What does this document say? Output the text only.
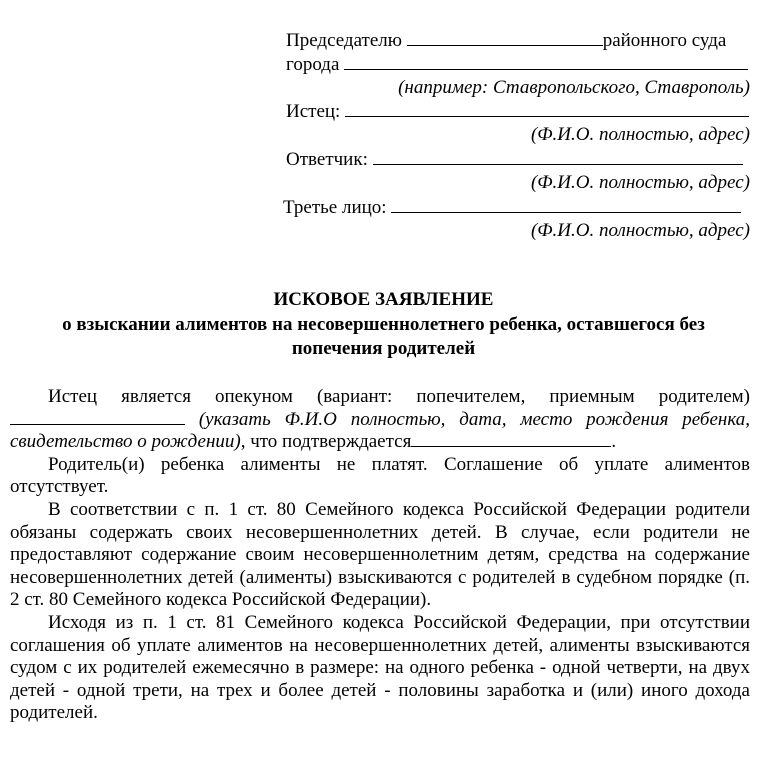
Председателю	районного суда
города
(например: Ставропольского, Ставрополь)
Истец:
(Ф.И.О. полностью, адрес)
Ответчик:
(Ф.И.О. полностью, адрес)
Третье лицо:
(Ф.И.О. полностью, адрес)
ИСКОВОЕ ЗАЯВЛЕНИЕ
о взыскании алиментов на несовершеннолетнего ребенка, оставшегося без
попечения родителей
Истец является опекуном (вариант: попечителем, приемным родителем)  (указать Ф.И.О полностью, дата, место рождения ребенка, свидетельство о рождении), что подтверждается	.
Родитель(и) ребенка алименты не платят. Соглашение об уплате алиментов отсутствует.
В соответствии с п. 1 ст. 80 Семейного кодекса Российской Федерации родители обязаны содержать своих несовершеннолетних детей. В случае, если родители не предоставляют содержание своим несовершеннолетним детям, средства на содержание несовершеннолетних детей (алименты) взыскиваются с родителей в судебном порядке (п. 2 ст. 80 Семейного кодекса Российской Федерации).
Исходя из п. 1 ст. 81 Семейного кодекса Российской Федерации, при отсутствии соглашения об уплате алиментов на несовершеннолетних детей, алименты взыскиваются судом с их родителей ежемесячно в размере: на одного ребенка - одной четверти, на двух детей - одной трети, на трех и более детей - половины заработка и (или) иного дохода родителей.
